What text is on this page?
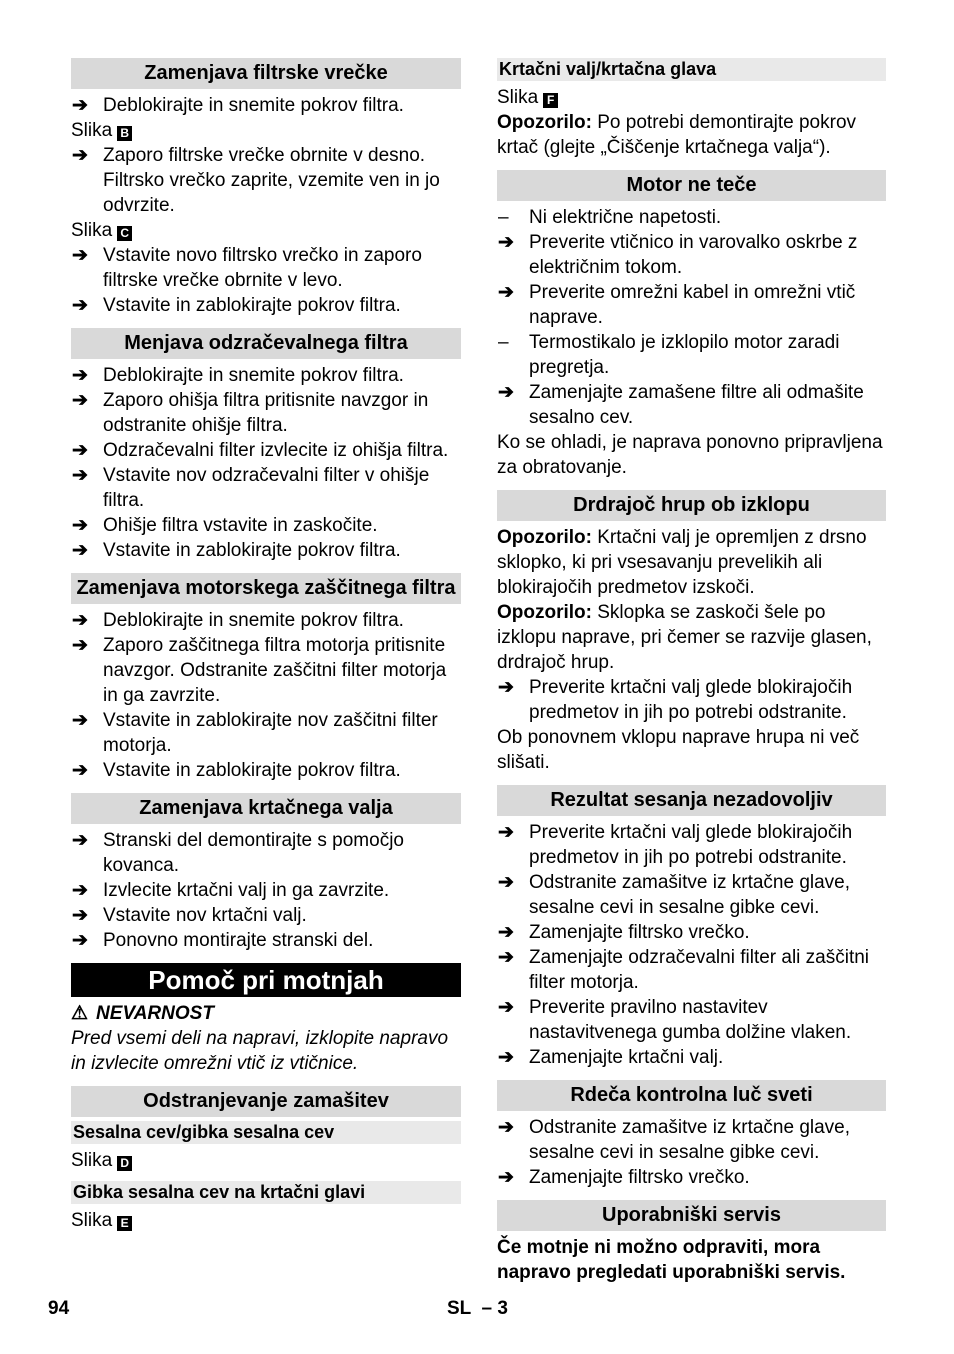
Zamenjava filtrske vrečke
➔ Deblokirajte in snemite pokrov filtra.
Slika B
➔ Zaporo filtrske vrečke obrnite v desno. Filtrsko vrečko zaprite, vzemite ven in jo odvrzite.
Slika C
➔ Vstavite novo filtrsko vrečko in zaporo filtrske vrečke obrnite v levo.
➔ Vstavite in zablokirajte pokrov filtra.
Menjava odzračevalnega filtra
➔ Deblokirajte in snemite pokrov filtra.
➔ Zaporo ohišja filtra pritisnite navzgor in odstranite ohišje filtra.
➔ Odzračevalni filter izvlecite iz ohišja filtra.
➔ Vstavite nov odzračevalni filter v ohišje filtra.
➔ Ohišje filtra vstavite in zaskočite.
➔ Vstavite in zablokirajte pokrov filtra.
Zamenjava motorskega zaščitnega filtra
➔ Deblokirajte in snemite pokrov filtra.
➔ Zaporo zaščitnega filtra motorja pritisnite navzgor. Odstranite zaščitni filter motorja in ga zavrzite.
➔ Vstavite in zablokirajte nov zaščitni filter motorja.
➔ Vstavite in zablokirajte pokrov filtra.
Zamenjava krtačnega valja
➔ Stranski del demontirajte s pomočjo kovanca.
➔ Izvlecite krtačni valj in ga zavrzite.
➔ Vstavite nov krtačni valj.
➔ Ponovno montirajte stranski del.
Pomoč pri motnjah
⚠ NEVARNOST
Pred vsemi deli na napravi, izklopite napravo in izvlecite omrežni vtič iz vtičnice.
Odstranjevanje zamašitev
Sesalna cev/gibka sesalna cev
Slika D
Gibka sesalna cev na krtačni glavi
Slika E
Krtačni valj/krtačna glava
Slika F
Opozorilo: Po potrebi demontirajte pokrov krtač (glejte „Čiščenje krtačnega valja“).
Motor ne teče
– Ni električne napetosti.
➔ Preverite vtičnico in varovalko oskrbe z električnim tokom.
➔ Preverite omrežni kabel in omrežni vtič naprave.
– Termostikalo je izklopilo motor zaradi pregretja.
➔ Zamenjajte zamašene filtre ali odmašite sesalno cev.
Ko se ohladi, je naprava ponovno pripravljena za obratovanje.
Drdrajoč hrup ob izklopu
Opozorilo: Krtačni valj je opremljen z drsno sklopko, ki pri vsesavanju prevelikih ali blokirajočih predmetov izskoči.
Opozorilo: Sklopka se zaskoči šele po izklopu naprave, pri čemer se razvije glasen, drdrajoč hrup.
➔ Preverite krtačni valj glede blokirajočih predmetov in jih po potrebi odstranite.
Ob ponovnem vklopu naprave hrupa ni več slišati.
Rezultat sesanja nezadovoljiv
➔ Preverite krtačni valj glede blokirajočih predmetov in jih po potrebi odstranite.
➔ Odstranite zamašitve iz krtačne glave, sesalne cevi in sesalne gibke cevi.
➔ Zamenjajte filtrsko vrečko.
➔ Zamenjajte odzračevalni filter ali zaščitni filter motorja.
➔ Preverite pravilno nastavitev nastavitvenega gumba dolžine vlaken.
➔ Zamenjajte krtačni valj.
Rdeča kontrolna luč sveti
➔ Odstranite zamašitve iz krtačne glave, sesalne cevi in sesalne gibke cevi.
➔ Zamenjajte filtrsko vrečko.
Uporabniški servis
Če motnje ni možno odpraviti, mora napravo pregledati uporabniški servis.
94	SL  – 3
